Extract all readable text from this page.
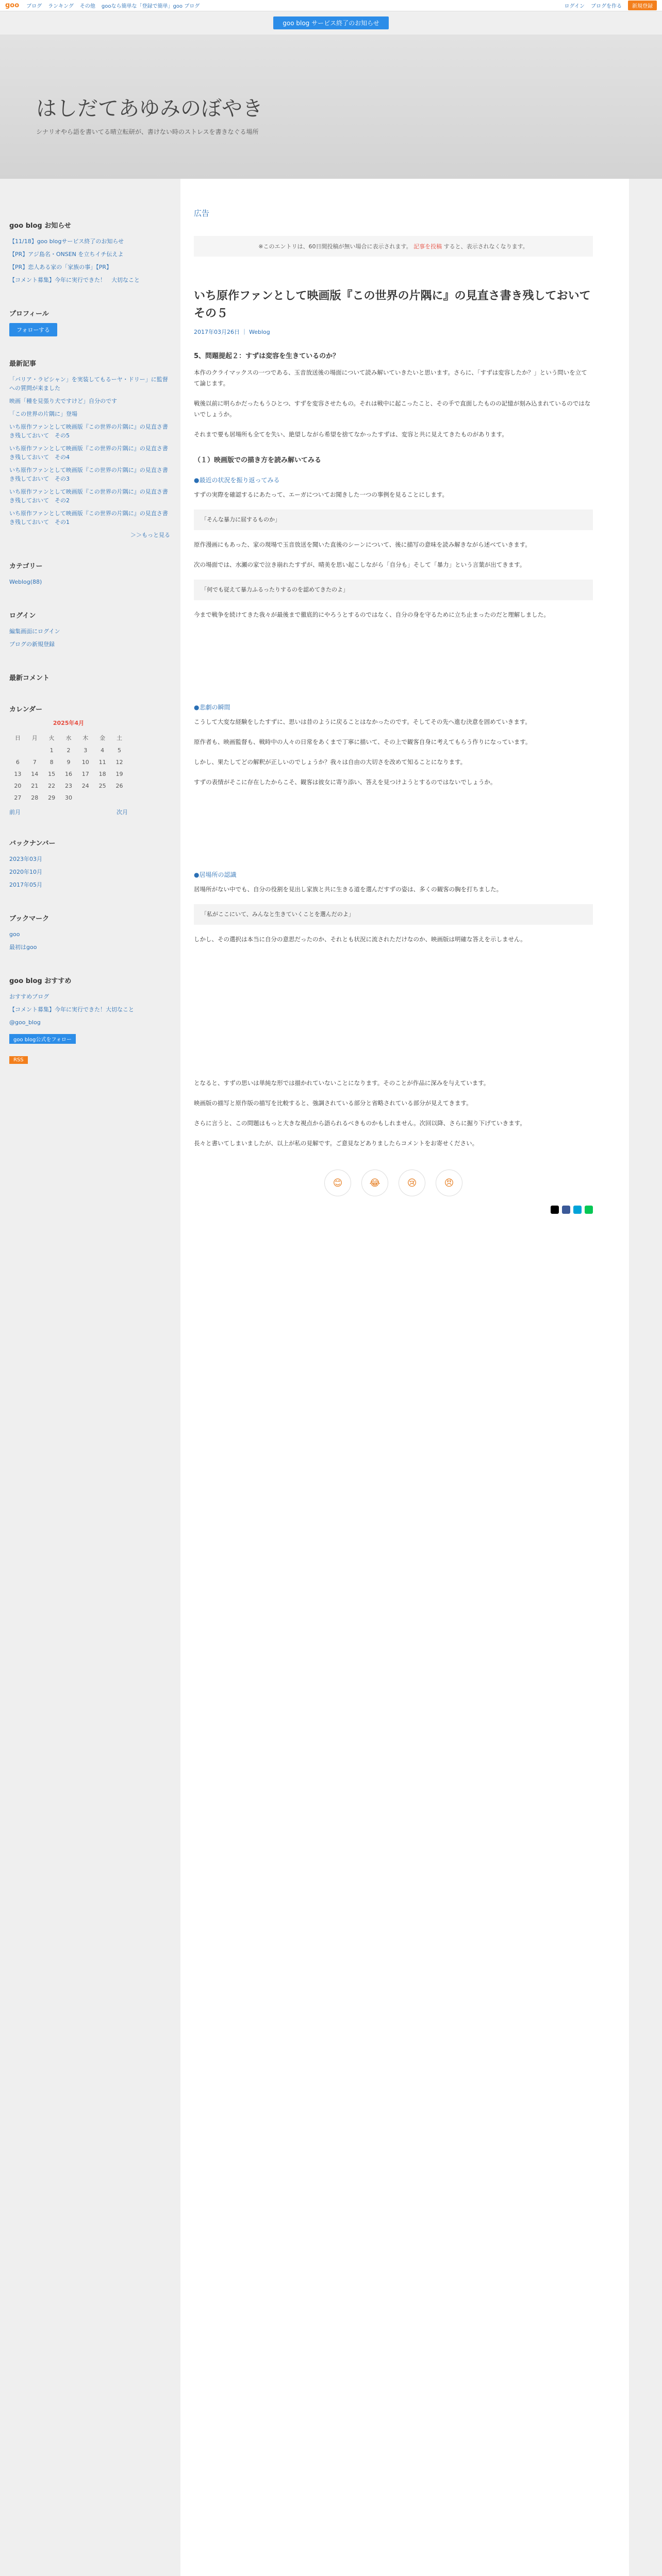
goo ブログ ランキング その他 gooなら簡単な「登録で簡単」goo ブログ	ログイン ブログを作る	新規登録
goo blog サービス終了のお知らせ
はしだてあゆみのぼやき

シナリオやら語を書いてる晴立転研が、書けない時のストレスを書きなぐる場所

goo blog お知らせ
【11/18】goo blogサービス終了のお知らせ
【PR】アジ島名・ONSEN を立ちイチ伝えよ
【PR】恋人ある家の「家族の事」【PR】
【コメント募集】今年に実行できた！　大切なこと
プロフィール
フォローする
最新記事
「バリア・ラピシャン」を実装してもるーヤ・ドリー」に監督への質問が来ました
映画「種を見張り犬ですけど」自分のです
「この世界の片隅に」登場
いち原作ファンとして映画版『この世界の片隅に』の見直さ書き残しておいて　その5
いち原作ファンとして映画版『この世界の片隅に』の見直さ書き残しておいて　その4
いち原作ファンとして映画版『この世界の片隅に』の見直さ書き残しておいて　その3
いち原作ファンとして映画版『この世界の片隅に』の見直さ書き残しておいて　その2
いち原作ファンとして映画版『この世界の片隅に』の見直さ書き残しておいて　その1
＞＞もっと見る
カテゴリー
Weblog(88)
ログイン
編集画面にログイン
ブログの新規登録
最新コメント
カレンダー
2025年4月
日	月	火	水	木	金	土
		1	2	3	4	5
6	7	8	9	10	11	12
13	14	15	16	17	18	19
20	21	22	23	24	25	26
27	28	29	30			
前月	次月
バックナンバー
2023年03月
2020年10月
2017年05月
ブックマーク
goo
最初はgoo
goo blog おすすめ
おすすめブログ
【コメント募集】今年に実行できた！大切なこと
@goo_blog
goo blog公式をフォロー
RSS
広告
※このエントリは、60日間投稿が無い場合に表示されます。 記事を投稿 すると、表示されなくなります。
いち原作ファンとして映画版『この世界の片隅に』の見直さ書き残しておいて　その５
2017年03月26日 ｜ Weblog
5、問題提起２：すずは変容を生きているのか？

本作のクライマックスの一つである、玉音放送後の場面について読み解いていきたいと思います。さらに、「すずは変容したか？」という問いを立てて論じます。

戦後以前に明らかだったもうひとつ、すずを変容させたもの。それは戦中に起こったこと、その手で直面したものの記憶が刻み込まれているのではないでしょうか。

それまで要も居場所も全てを失い、絶望しながら希望を捨てなかったすずは、変容と共に見えてきたものがあります。

（１）映画版での描き方を読み解いてみる
●最近の状況を振り返ってみる

すずの実際を確認するにあたって、エーガについてお聞きした一つの事例を見ることにします。

「そんな暴力に屈するものか」

原作漫画にもあった、家の現場で玉音放送を聞いた直後のシーンについて、後に描写の意味を読み解きながら述べていきます。

次の場面では、水瀬の家で泣き崩れたすずが、晴美を思い起こしながら「自分も」そして「暴力」という言葉が出てきます。

「何でも従えて暴力ふるったりするのを認めてきたのよ」

今まで戦争を続けてきた我々が最後まで徹底的にやろうとするのではなく、自分の身を守るために立ち止まったのだと理解しました。

●悲劇の瞬間

こうして大変な経験をしたすずに、思いは昔のように戻ることはなかったのです。そしてその先へ進む決意を固めていきます。

原作者も、映画監督も、戦時中の人々の日常をあくまで丁寧に描いて、その上で観客自身に考えてもらう作りになっています。

しかし、果たしてどの解釈が正しいのでしょうか？我々は自由の大切さを改めて知ることになります。

すずの表情がそこに存在したからこそ、観客は彼女に寄り添い、答えを見つけようとするのではないでしょうか。

●居場所の認識

居場所がない中でも、自分の役割を見出し家族と共に生きる道を選んだすずの姿は、多くの観客の胸を打ちました。

「私がここにいて、みんなと生きていくことを選んだのよ」

しかし、その選択は本当に自分の意思だったのか、それとも状況に流されただけなのか、映画版は明確な答えを示しません。

となると、すずの思いは単純な形では描かれていないことになります。そのことが作品に深みを与えています。

映画版の描写と原作版の描写を比較すると、強調されている部分と省略されている部分が見えてきます。

さらに言うと、この問題はもっと大きな視点から語られるべきものかもしれません。次回以降、さらに掘り下げていきます。

長々と書いてしまいましたが、以上が私の見解です。ご意見などありましたらコメントをお寄せください。

😊	😂	😢	😠
